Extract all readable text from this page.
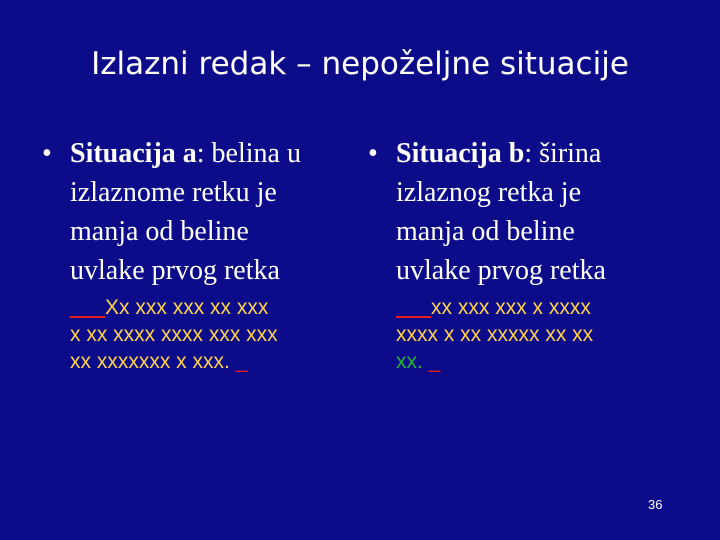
Izlazni redak – nepoželjne situacije
• Situacija a: belina u
izlaznome retku je
manja od beline
uvlake prvog retka
___Xx xxx xxx xx xxx
x xx xxxx xxxx xxx xxx
xx xxxxxxx x xxx. _
• Situacija b: širina
izlaznog retka je
manja od beline
uvlake prvog retka
___xx xxx xxx x xxxx
xxxx x xx xxxxx xx xx
xx. _
36
